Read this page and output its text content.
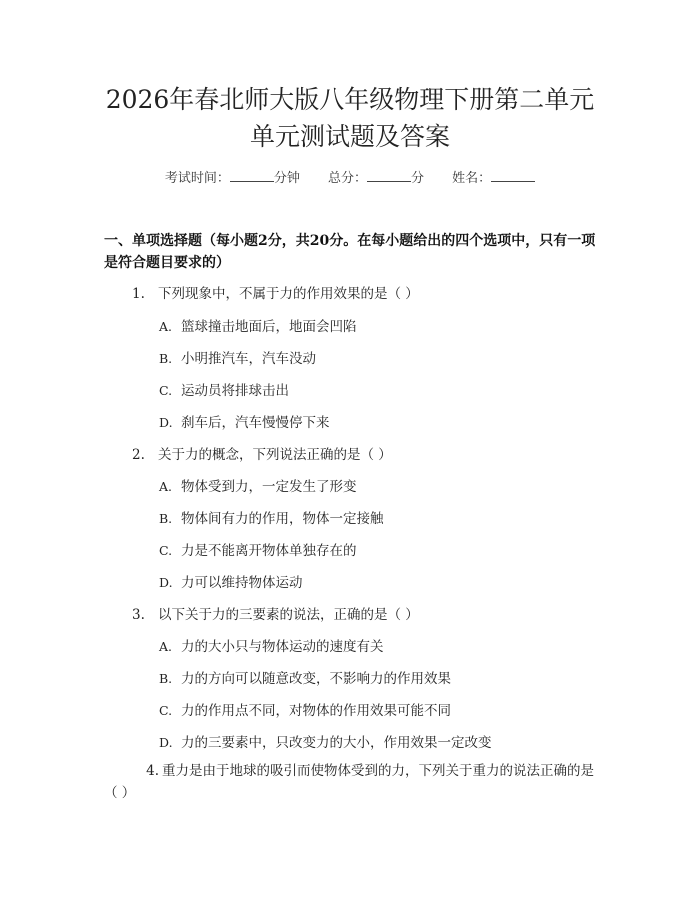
2026年春北师大版八年级物理下册第二单元
单元测试题及答案
考试时间：	分钟 总分：	分 姓名：
一、单项选择题（每小题2分，共20分。在每小题给出的四个选项中，只有一项是符合题目要求的）
1. 下列现象中，不属于力的作用效果的是（ ）
A. 篮球撞击地面后，地面会凹陷
B. 小明推汽车，汽车没动
C. 运动员将排球击出
D. 刹车后，汽车慢慢停下来
2. 关于力的概念，下列说法正确的是（ ）
A. 物体受到力，一定发生了形变
B. 物体间有力的作用，物体一定接触
C. 力是不能离开物体单独存在的
D. 力可以维持物体运动
3. 以下关于力的三要素的说法，正确的是（ ）
A. 力的大小只与物体运动的速度有关
B. 力的方向可以随意改变，不影响力的作用效果
C. 力的作用点不同，对物体的作用效果可能不同
D. 力的三要素中，只改变力的大小，作用效果一定改变
4. 重力是由于地球的吸引而使物体受到的力，下列关于重力的说法正确的是（ ）
